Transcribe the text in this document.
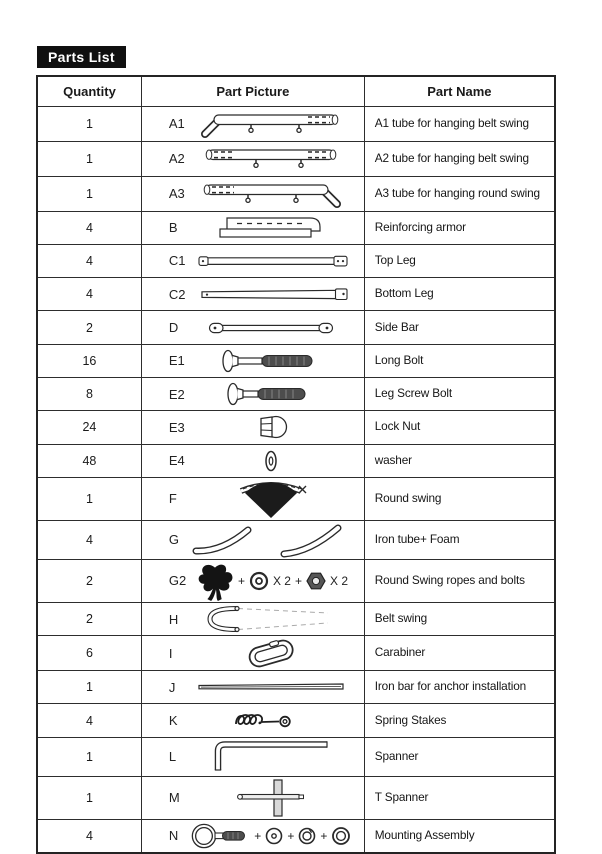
Parts List
Quantity	Part Picture	Part Name
1	A1	A1 tube for hanging belt swing
1	A2	A2 tube for hanging belt swing
1	A3	A3 tube for hanging round swing
4	B	Reinforcing armor
4	C1	Top Leg
4	C2	Bottom Leg
2	D	Side Bar
16	E1	Long Bolt
8	E2	Leg Screw Bolt
24	E3	Lock Nut
48	E4	washer
1	F	Round swing
4	G	Iron tube+ Foam
2	G2 + X 2 + X 2	Round Swing ropes and bolts
2	H	Belt swing
6	I	Carabiner
1	J	Iron bar for anchor installation
4	K	Spring Stakes
1	L	Spanner
1	M	T Spanner
4	N + + +	Mounting Assembly
